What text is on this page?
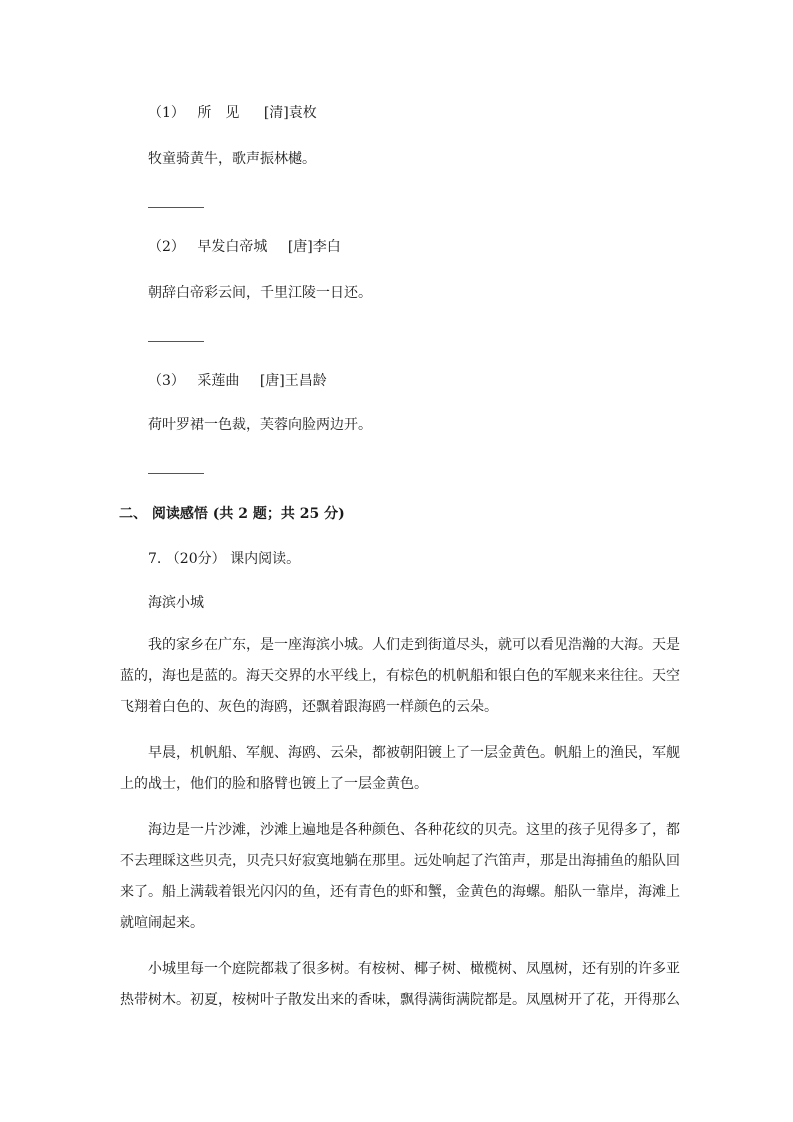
（1） 所　见 [清]袁枚
牧童骑黄牛，歌声振林樾。
（2） 早发白帝城 [唐]李白
朝辞白帝彩云间，千里江陵一日还。
（3） 采莲曲 [唐]王昌龄
荷叶罗裙一色裁，芙蓉向脸两边开。
二、 阅读感悟 (共 2 题；共 25 分)
7. （20分） 课内阅读。
海滨小城
我的家乡在广东，是一座海滨小城。人们走到街道尽头，就可以看见浩瀚的大海。天是蓝的，海也是蓝的。海天交界的水平线上，有棕色的机帆船和银白色的军舰来来往往。天空飞翔着白色的、灰色的海鸥，还飘着跟海鸥一样颜色的云朵。
早晨，机帆船、军舰、海鸥、云朵，都被朝阳镀上了一层金黄色。帆船上的渔民，军舰上的战士，他们的脸和胳臂也镀上了一层金黄色。
海边是一片沙滩，沙滩上遍地是各种颜色、各种花纹的贝壳。这里的孩子见得多了，都不去理睬这些贝壳，贝壳只好寂寞地躺在那里。远处响起了汽笛声，那是出海捕鱼的船队回来了。船上满载着银光闪闪的鱼，还有青色的虾和蟹，金黄色的海螺。船队一靠岸，海滩上就喧闹起来。
小城里每一个庭院都栽了很多树。有桉树、椰子树、橄榄树、凤凰树，还有别的许多亚热带树木。初夏，桉树叶子散发出来的香味，飘得满街满院都是。凤凰树开了花，开得那么
